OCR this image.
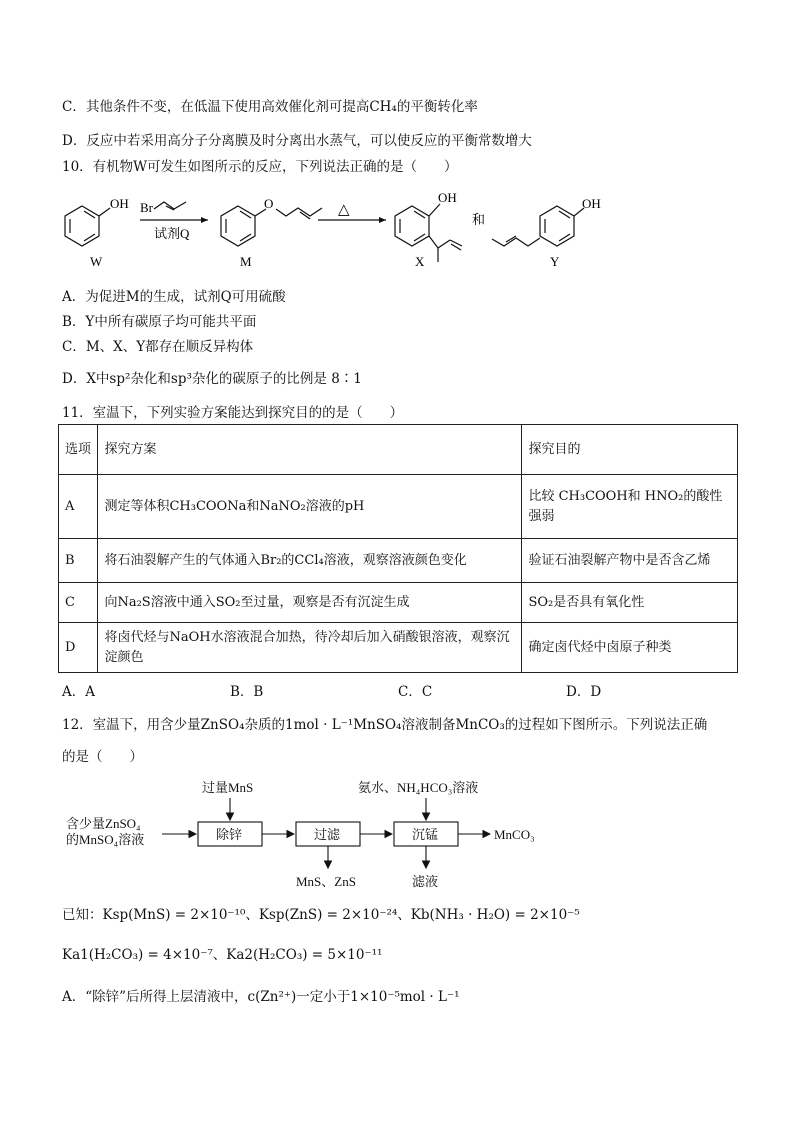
C．其他条件不变，在低温下使用高效催化剂可提高CH₄的平衡转化率
D．反应中若采用高分子分离膜及时分离出水蒸气，可以使反应的平衡常数增大
10．有机物W可发生如图所示的反应，下列说法正确的是（　　）
OH
W
Br
试剂Q
O
M
△
OH
X
和
OH
Y
A．为促进M的生成，试剂Q可用硫酸
B．Y中所有碳原子均可能共平面
C．M、X、Y都存在顺反异构体
D．X中sp²杂化和sp³杂化的碳原子的比例是 8∶1
11．室温下，下列实验方案能达到探究目的的是（　　）
选项	探究方案	探究目的
A	测定等体积CH₃COONa和NaNO₂溶液的pH	比较 CH₃COOH和 HNO₂的酸性强弱
B	将石油裂解产生的气体通入Br₂的CCl₄溶液，观察溶液颜色变化	验证石油裂解产物中是否含乙烯
C	向Na₂S溶液中通入SO₂至过量，观察是否有沉淀生成	SO₂是否具有氧化性
D	将卤代烃与NaOH水溶液混合加热，待冷却后加入硝酸银溶液，观察沉淀颜色	确定卤代烃中卤原子种类
A．A	B．B	C．C	D．D
12．室温下，用含少量ZnSO₄杂质的1mol · L⁻¹MnSO₄溶液制备MnCO₃的过程如下图所示。下列说法正确
的是（　　）
含少量ZnSO₄
的MnSO₄溶液
过量MnS
除锌	过滤
MnS、ZnS
氨水、NH₄HCO₃溶液
沉锰
滤液
MnCO₃
已知：Ksp(MnS) = 2×10⁻¹⁰、Ksp(ZnS) = 2×10⁻²⁴、Kb(NH₃ · H₂O) = 2×10⁻⁵
Ka1(H₂CO₃) = 4×10⁻⁷、Ka2(H₂CO₃) = 5×10⁻¹¹
A．“除锌”后所得上层清液中，c(Zn²⁺)一定小于1×10⁻⁵mol · L⁻¹
